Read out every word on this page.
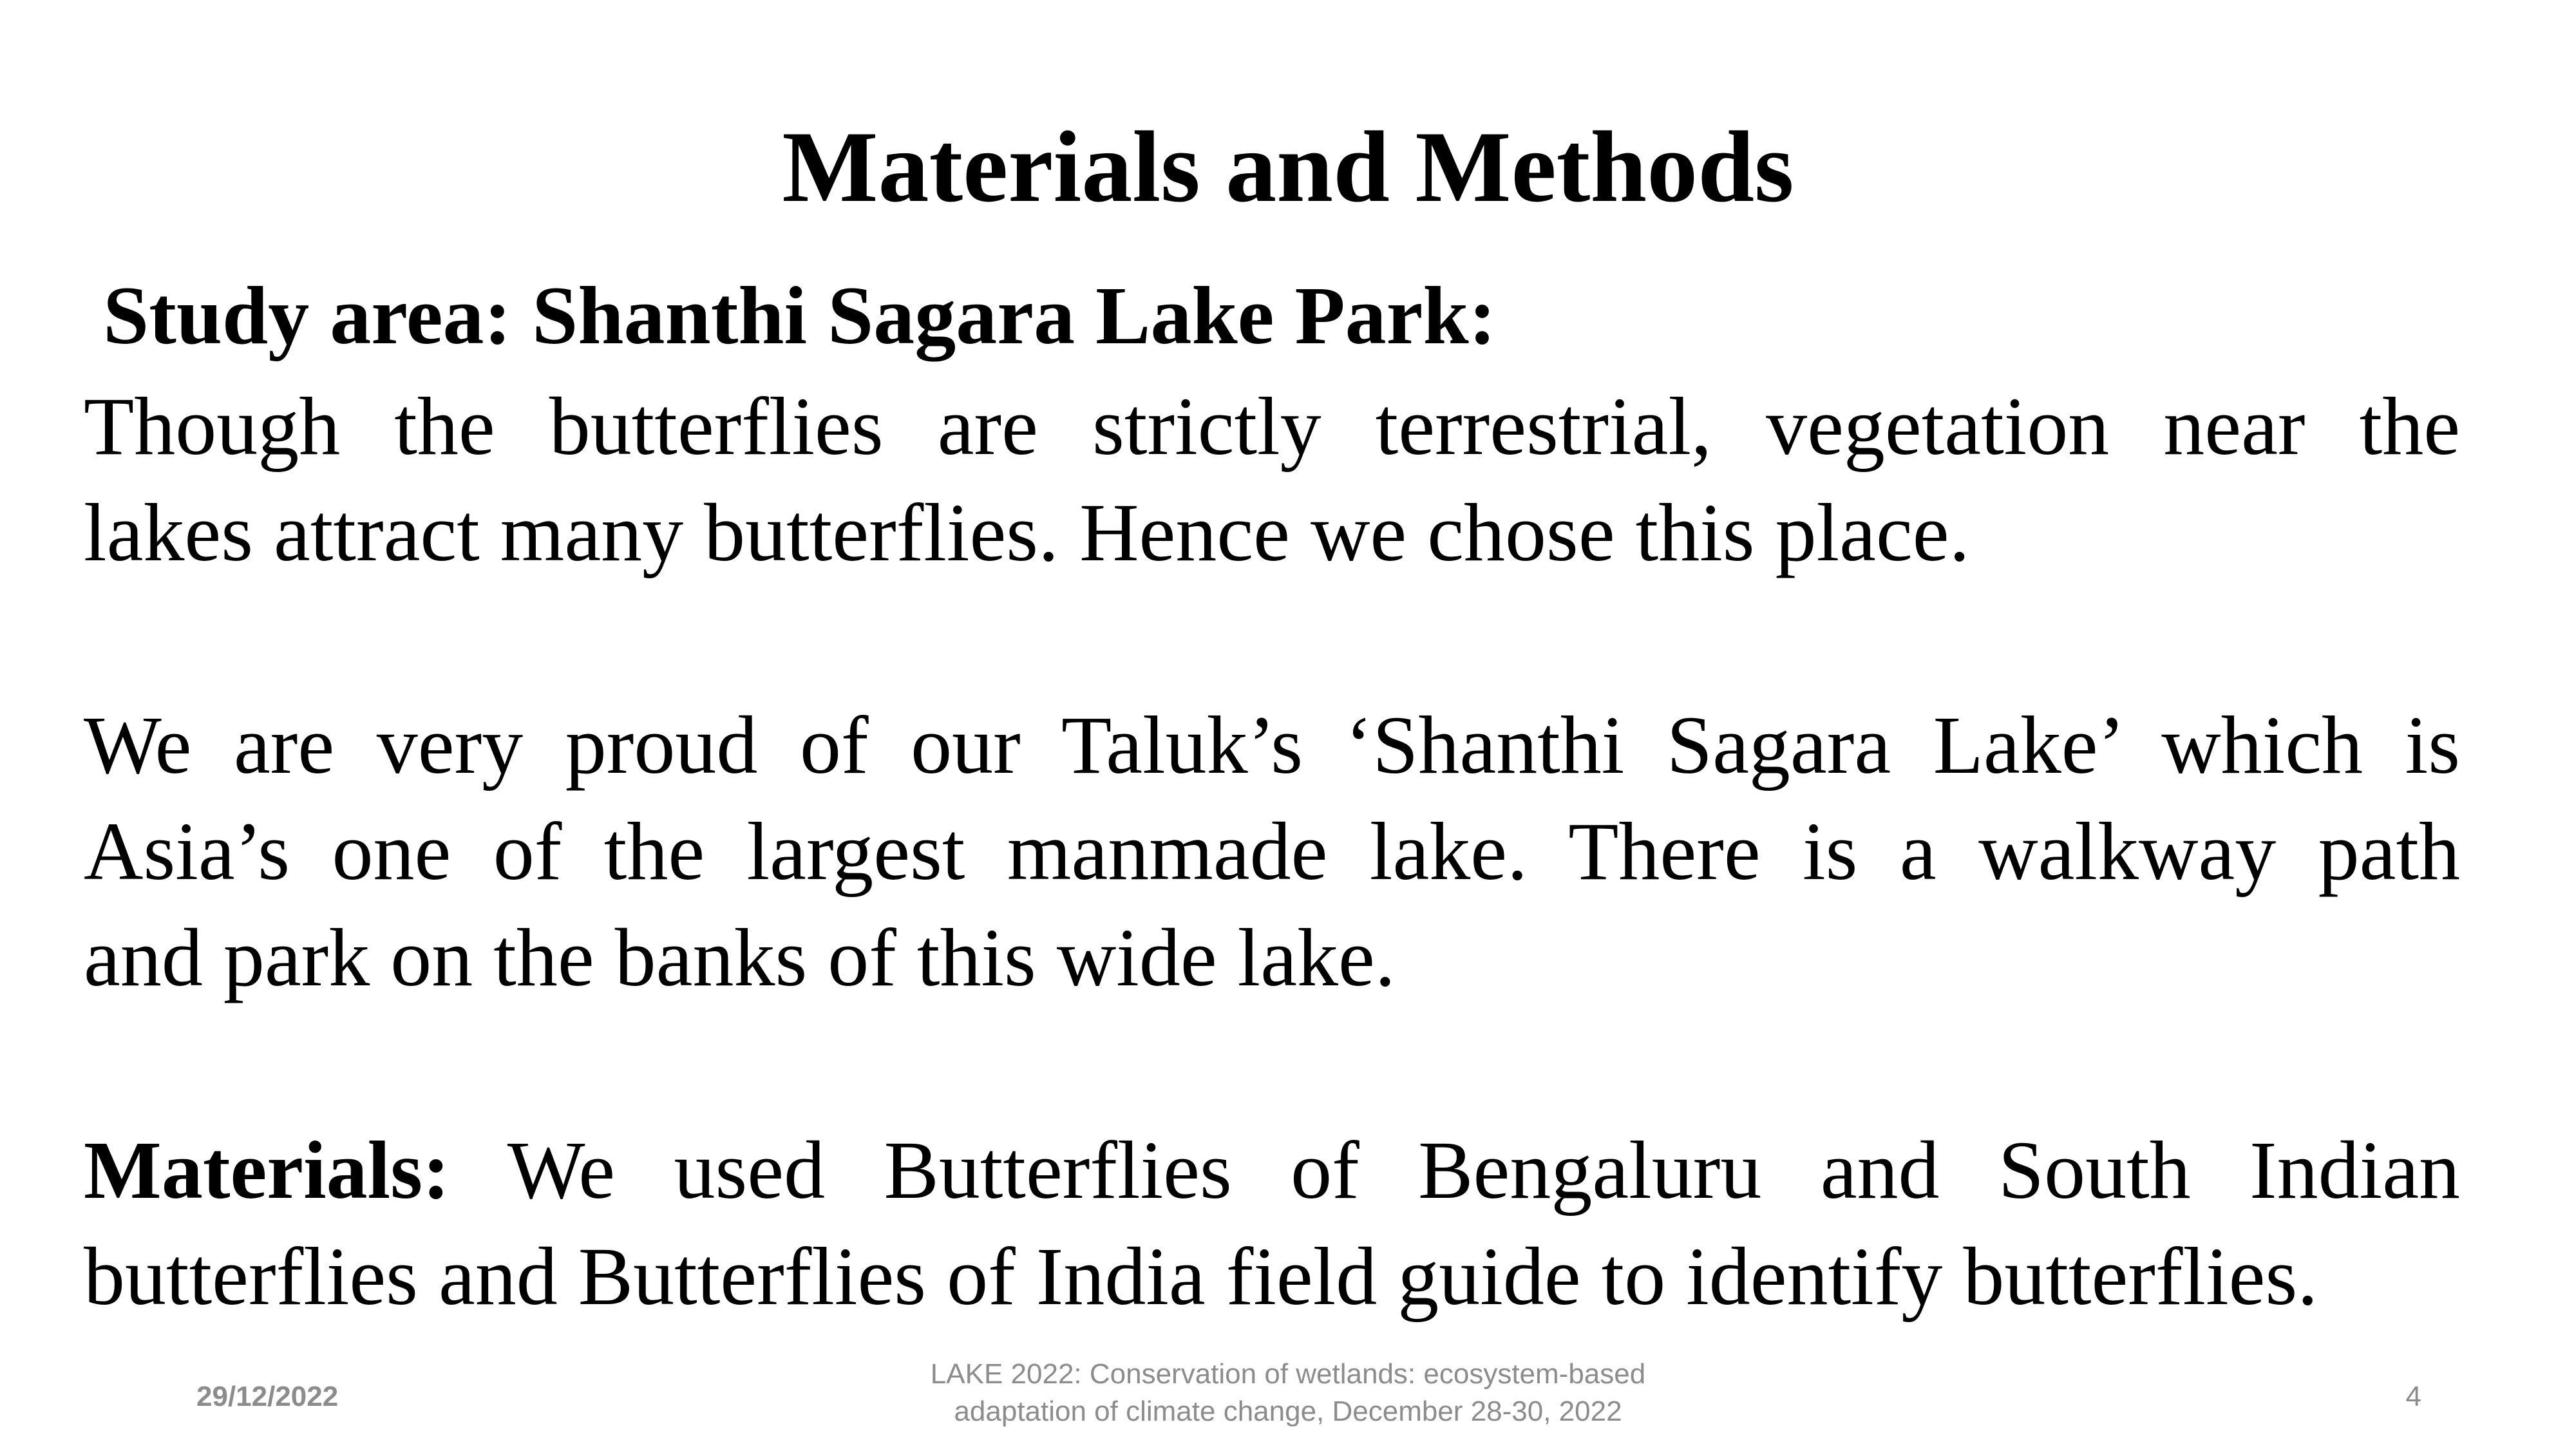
Materials and Methods
Study area: Shanthi Sagara Lake Park:
Though the butterflies are strictly terrestrial, vegetation near the
lakes attract many butterflies. Hence we chose this place.
We are very proud of our Taluk’s ‘Shanthi Sagara Lake’ which is
Asia’s one of the largest manmade lake. There is a walkway path
and park on the banks of this wide lake.
Materials: We used Butterflies of Bengaluru and South Indian
butterflies and Butterflies of India field guide to identify butterflies.
29/12/2022
LAKE 2022: Conservation of wetlands: ecosystem-based
adaptation of climate change, December 28-30, 2022	4
